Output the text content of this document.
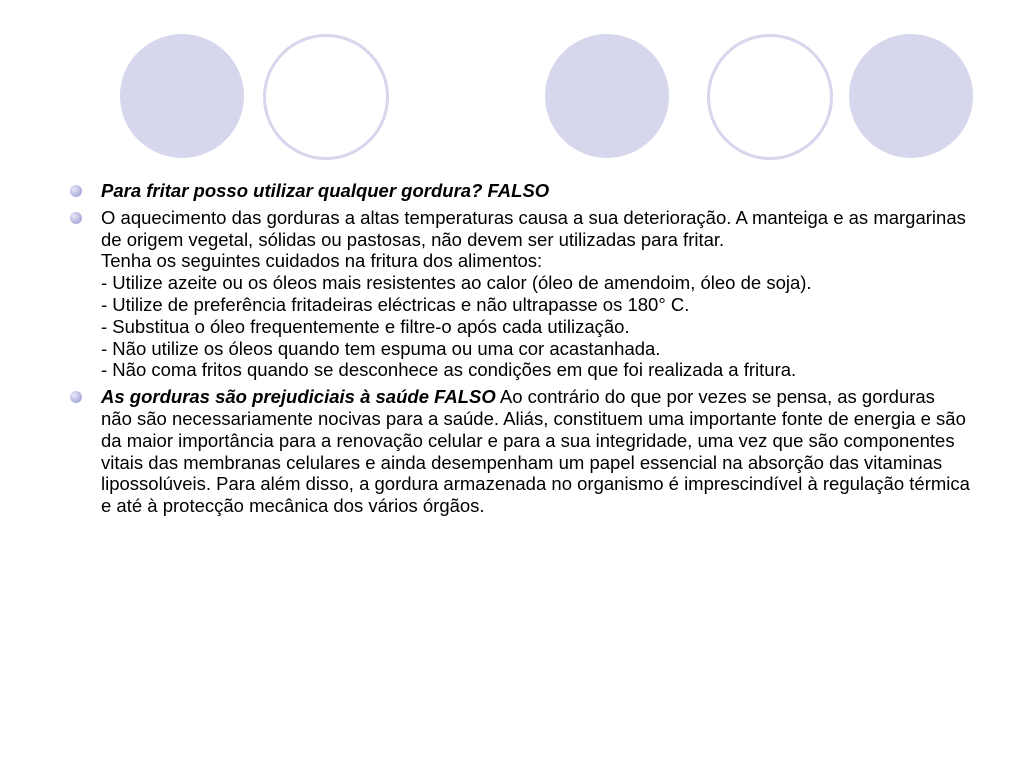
Para fritar posso utilizar qualquer gordura? FALSO
O aquecimento das gorduras a altas temperaturas causa a sua deterioração. A manteiga e as margarinas de origem vegetal, sólidas ou pastosas, não devem ser utilizadas para fritar.
Tenha os seguintes cuidados na fritura dos alimentos:
- Utilize azeite ou os óleos mais resistentes ao calor (óleo de amendoim, óleo de soja).
- Utilize de preferência fritadeiras eléctricas e não ultrapasse os 180° C.
- Substitua o óleo frequentemente e filtre-o após cada utilização.
- Não utilize os óleos quando tem espuma ou uma cor acastanhada.
- Não coma fritos quando se desconhece as condições em que foi realizada a fritura.
As gorduras são prejudiciais à saúde FALSO Ao contrário do que por vezes se pensa, as gorduras não são necessariamente nocivas para a saúde. Aliás, constituem uma importante fonte de energia e são da maior importância para a renovação celular e para a sua integridade, uma vez que são componentes vitais das membranas celulares e ainda desempenham um papel essencial na absorção das vitaminas lipossolúveis. Para além disso, a gordura armazenada no organismo é imprescindível à regulação térmica e até à protecção mecânica dos vários órgãos.
